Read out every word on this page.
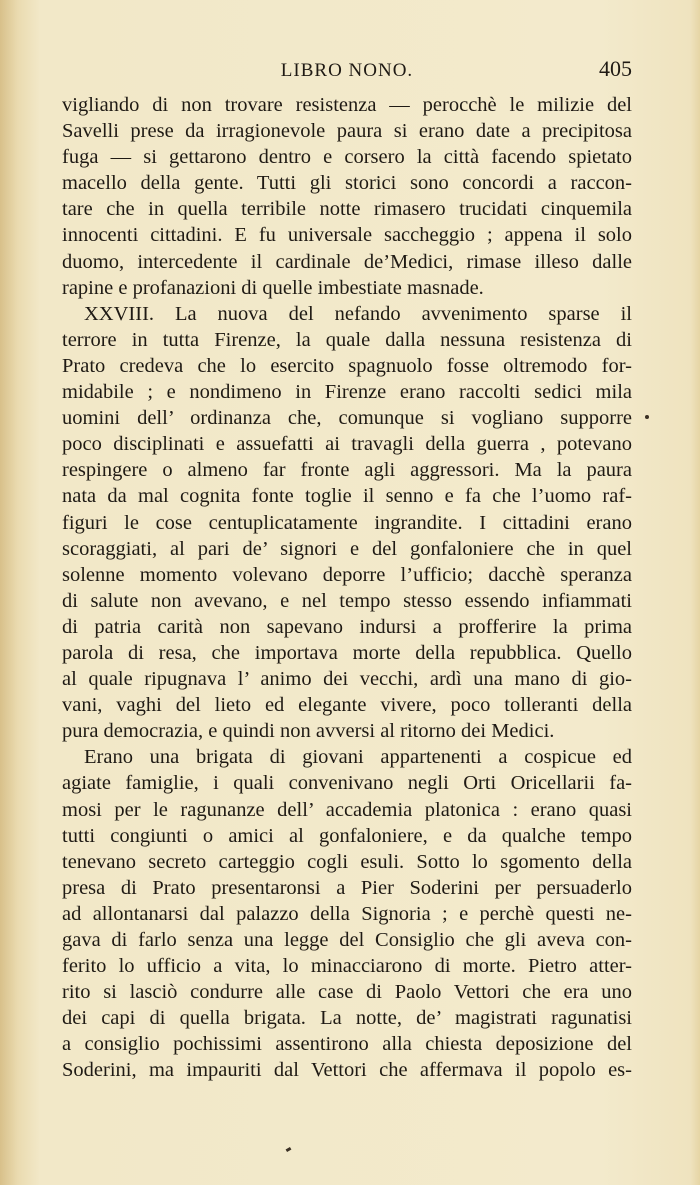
LIBRO NONO.	405
vigliando di non trovare resistenza — perocchè le milizie del
Savelli prese da irragionevole paura si erano date a precipitosa
fuga — si gettarono dentro e corsero la città facendo spietato
macello della gente. Tutti gli storici sono concordi a raccon-
tare che in quella terribile notte rimasero trucidati cinquemila
innocenti cittadini. E fu universale saccheggio ; appena il solo
duomo, intercedente il cardinale de’Medici, rimase illeso dalle
rapine e profanazioni di quelle imbestiate masnade.
XXVIII. La nuova del nefando avvenimento sparse il
terrore in tutta Firenze, la quale dalla nessuna resistenza di
Prato credeva che lo esercito spagnuolo fosse oltremodo for-
midabile ; e nondimeno in Firenze erano raccolti sedici mila
uomini dell’ ordinanza che, comunque si vogliano supporre
poco disciplinati e assuefatti ai travagli della guerra , potevano
respingere o almeno far fronte agli aggressori. Ma la paura
nata da mal cognita fonte toglie il senno e fa che l’uomo raf-
figuri le cose centuplicatamente ingrandite. I cittadini erano
scoraggiati, al pari de’ signori e del gonfaloniere che in quel
solenne momento volevano deporre l’ufficio; dacchè speranza
di salute non avevano, e nel tempo stesso essendo infiammati
di patria carità non sapevano indursi a profferire la prima
parola di resa, che importava morte della repubblica. Quello
al quale ripugnava l’ animo dei vecchi, ardì una mano di gio-
vani, vaghi del lieto ed elegante vivere, poco tolleranti della
pura democrazia, e quindi non avversi al ritorno dei Medici.
Erano una brigata di giovani appartenenti a cospicue ed
agiate famiglie, i quali convenivano negli Orti Oricellarii fa-
mosi per le ragunanze dell’ accademia platonica : erano quasi
tutti congiunti o amici al gonfaloniere, e da qualche tempo
tenevano secreto carteggio cogli esuli. Sotto lo sgomento della
presa di Prato presentaronsi a Pier Soderini per persuaderlo
ad allontanarsi dal palazzo della Signoria ; e perchè questi ne-
gava di farlo senza una legge del Consiglio che gli aveva con-
ferito lo ufficio a vita, lo minacciarono di morte. Pietro atter-
rito si lasciò condurre alle case di Paolo Vettori che era uno
dei capi di quella brigata. La notte, de’ magistrati ragunatisi
a consiglio pochissimi assentirono alla chiesta deposizione del
Soderini, ma impauriti dal Vettori che affermava il popolo es-
